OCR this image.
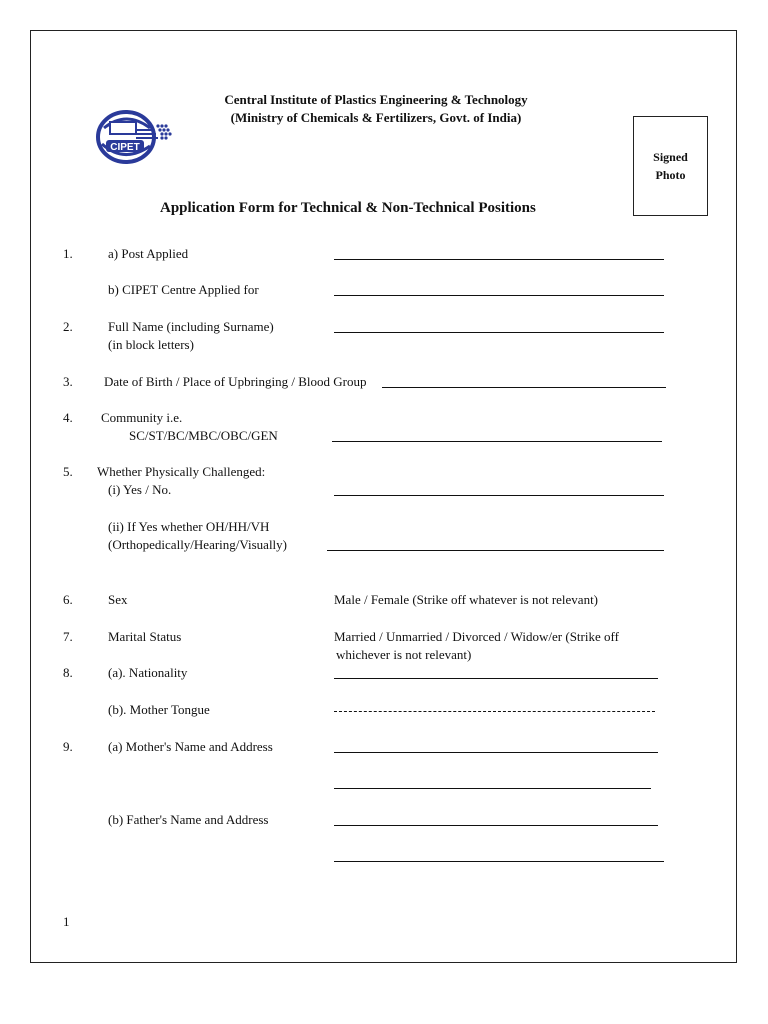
Central Institute of Plastics Engineering & Technology
(Ministry of Chemicals & Fertilizers, Govt. of India)
CIPET
Signed
Photo
Application Form for Technical & Non-Technical Positions
1.	a) Post Applied
b) CIPET Centre Applied for
2.	Full Name (including Surname)
(in block letters)
3. Date of Birth / Place of Upbringing / Blood Group
4. Community i.e.
SC/ST/BC/MBC/OBC/GEN
5. Whether Physically Challenged:
(i) Yes / No.
(ii) If Yes whether OH/HH/VH
(Orthopedically/Hearing/Visually)
6.	Sex	Male / Female (Strike off whatever is not relevant)
7.	Marital Status	Married / Unmarried / Divorced / Widow/er (Strike off
whichever is not relevant)
8.	(a). Nationality
(b). Mother Tongue
9.	(a) Mother's Name and Address
(b) Father's Name and Address
1
